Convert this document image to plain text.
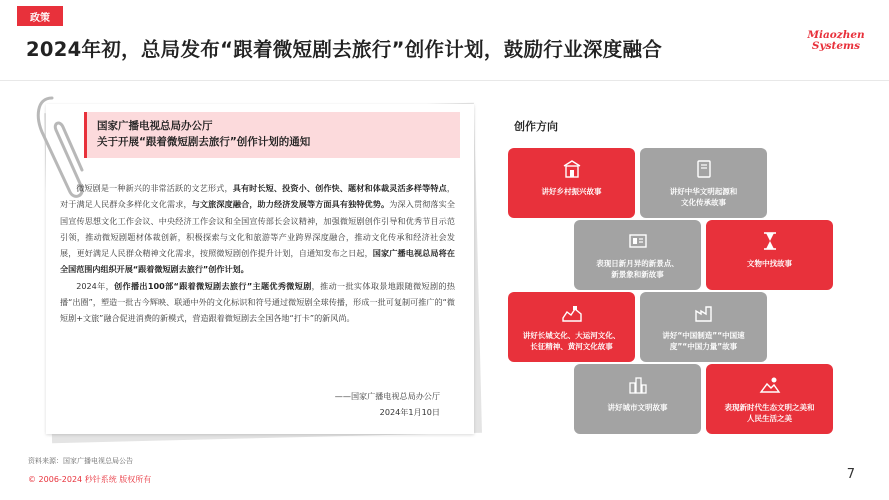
政策
2024年初，总局发布“跟着微短剧去旅行”创作计划，鼓励行业深度融合
Miaozhen
Systems
国家广播电视总局办公厅
关于开展“跟着微短剧去旅行”创作计划的通知

微短剧是一种新兴的非常活跃的文艺形式，具有时长短、投资小、创作快、题材和体裁灵活多样等特点，对于满足人民群众多样化文化需求，与文旅深度融合，助力经济发展等方面具有独特优势。为深入贯彻落实全国宣传思想文化工作会议、中央经济工作会议和全国宣传部长会议精神，加强微短剧创作引导和优秀节目示范引领，推动微短剧题材体裁创新，积极探索与文化和旅游等产业跨界深度融合，推动文化传承和经济社会发展，更好满足人民群众精神文化需求，按照微短剧创作提升计划，自通知发布之日起，国家广播电视总局将在全国范围内组织开展“跟着微短剧去旅行”创作计划。

2024年，创作播出100部“跟着微短剧去旅行”主题优秀微短剧，推动一批实体取景地跟随微短剧的热播“出圈”，塑造一批古今辉映、联通中外的文化标识和符号通过微短剧全球传播，形成一批可复制可推广的“微短剧+文旅”融合促进消费的新模式，营造跟着微短剧去全国各地“打卡”的新风尚。

——国家广播电视总局办公厅
2024年1月10日
资料来源：国家广播电视总局公告
© 2006-2024 秒针系统 版权所有	7
创作方向
讲好乡村振兴故事	讲好中华文明起源和
文化传承故事
表现日新月异的新景点、
新景象和新故事
文物中找故事
讲好长城文化、大运河文化、
长征精神、黄河文化故事
讲好“中国制造”“中国速
度”“中国力量”故事
讲好城市文明故事	表现新时代生态文明之美和
人民生活之美
